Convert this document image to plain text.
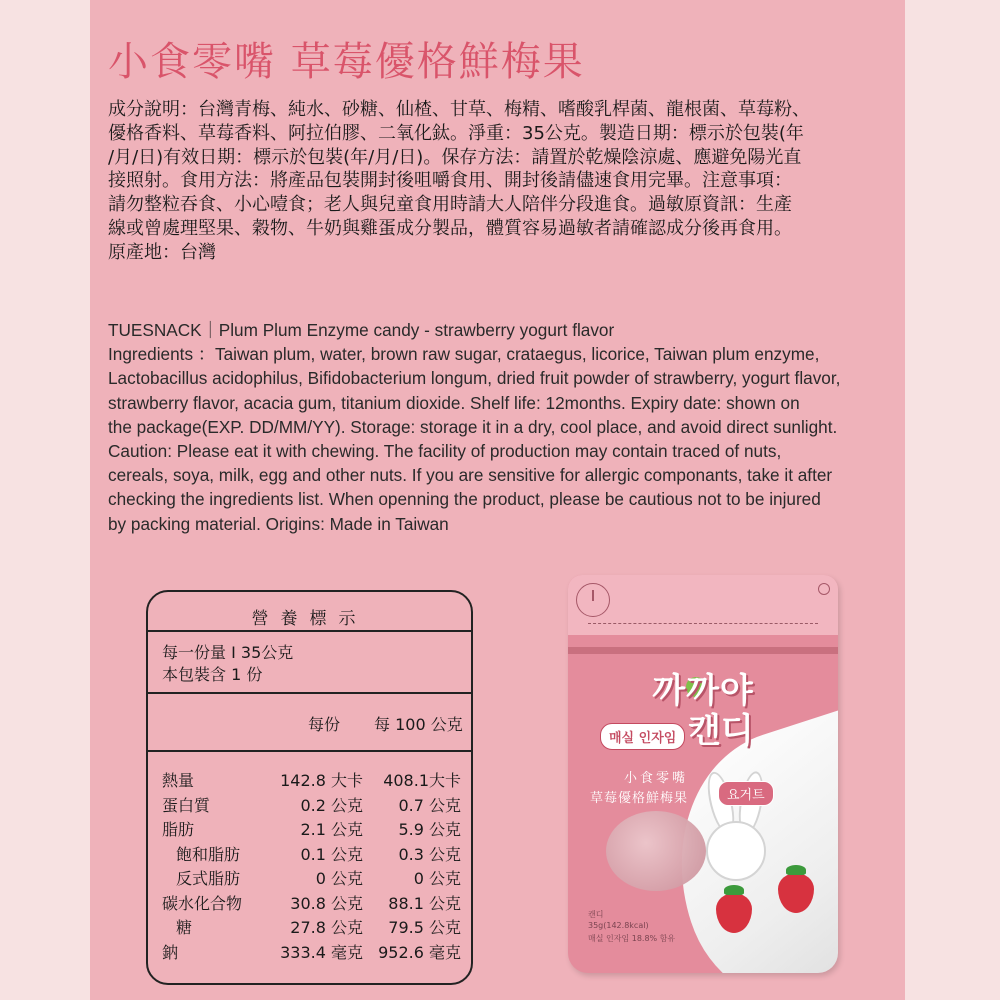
小食零嘴 草莓優格鮮梅果

成分說明：台灣青梅、純水、砂糖、仙楂、甘草、梅精、嗜酸乳桿菌、龍根菌、草莓粉、

優格香料、草莓香料、阿拉伯膠、二氧化鈦。淨重：35公克。製造日期：標示於包裝(年

/月/日)有效日期：標示於包裝(年/月/日)。保存方法：請置於乾燥陰涼處、應避免陽光直

接照射。食用方法：將產品包裝開封後咀嚼食用、開封後請儘速食用完畢。注意事項：

請勿整粒吞食、小心噎食；老人與兒童食用時請大人陪伴分段進食。過敏原資訊：生產

線或曾處理堅果、穀物、牛奶與雞蛋成分製品，體質容易過敏者請確認成分後再食用。

原產地：台灣

TUESNACK｜Plum Plum Enzyme candy - strawberry yogurt flavor

Ingredients ：Taiwan plum, water, brown raw sugar, crataegus, licorice, Taiwan plum enzyme,

Lactobacillus acidophilus, Bifidobacterium longum, dried fruit powder of strawberry, yogurt flavor,

strawberry flavor, acacia gum, titanium dioxide. Shelf life: 12months. Expiry date: shown on

the package(EXP. DD/MM/YY). Storage: storage it in a dry, cool place, and avoid direct sunlight.

Caution: Please eat it with chewing. The facility of production may contain traced of nuts,

cereals, soya, milk, egg and other nuts. If you are sensitive for allergic componants, take it after

checking the ingredients list. When openning the product, please be cautious not to be injured

by packing material. Origins: Made in Taiwan

營養標示
每一份量 I 35公克
本包裝含 1 份
每份 每 100 公克
熱量	142.8 大卡 408.1大卡
蛋白質	0.2 公克 0.7 公克
脂肪	2.1 公克 5.9 公克
飽和脂肪	0.1 公克 0.3 公克
反式脂肪	0 公克	0 公克
碳水化合物	30.8 公克 88.1 公克
糖	27.8 公克 79.5 公克
鈉	333.4 毫克 952.6 毫克
까까야
캔디
매실 인자임
小食零嘴
草莓優格鮮梅果	요거트
캔디
35g(142.8kcal)
매실 인자임 18.8% 함유
